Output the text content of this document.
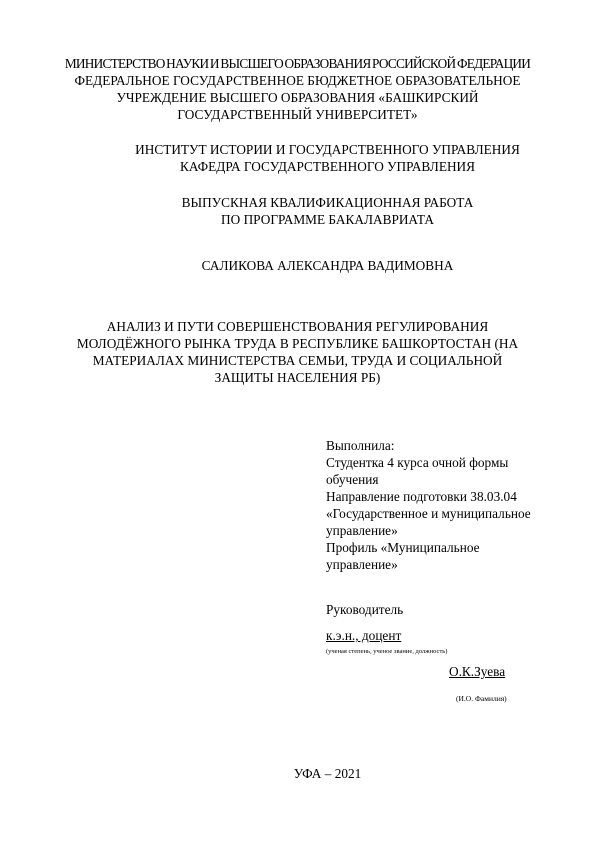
МИНИСТЕРСТВО НАУКИ И ВЫСШЕГО ОБРАЗОВАНИЯ РОССИЙСКОЙ ФЕДЕРАЦИИ
ФЕДЕРАЛЬНОЕ ГОСУДАРСТВЕННОЕ БЮДЖЕТНОЕ ОБРАЗОВАТЕЛЬНОЕ
УЧРЕЖДЕНИЕ ВЫСШЕГО ОБРАЗОВАНИЯ «БАШКИРСКИЙ
ГОСУДАРСТВЕННЫЙ УНИВЕРСИТЕТ»
ИНСТИТУТ ИСТОРИИ И ГОСУДАРСТВЕННОГО УПРАВЛЕНИЯ
КАФЕДРА ГОСУДАРСТВЕННОГО УПРАВЛЕНИЯ
ВЫПУСКНАЯ КВАЛИФИКАЦИОННАЯ РАБОТА
ПО ПРОГРАММЕ БАКАЛАВРИАТА
САЛИКОВА АЛЕКСАНДРА ВАДИМОВНА
АНАЛИЗ И ПУТИ СОВЕРШЕНСТВОВАНИЯ РЕГУЛИРОВАНИЯ
МОЛОДЁЖНОГО РЫНКА ТРУДА В РЕСПУБЛИКЕ БАШКОРТОСТАН (НА
МАТЕРИАЛАХ МИНИСТЕРСТВА СЕМЬИ, ТРУДА И СОЦИАЛЬНОЙ
ЗАЩИТЫ НАСЕЛЕНИЯ РБ)
Выполнила:
Студентка 4 курса очной формы
обучения
Направление подготовки 38.03.04
«Государственное и муниципальное
управление»
Профиль «Муниципальное
управление»
Руководитель
к.э.н., доцент
(ученая степень, ученое звание, должность)
О.К.Зуева
(И.О. Фамилия)
УФА – 2021
